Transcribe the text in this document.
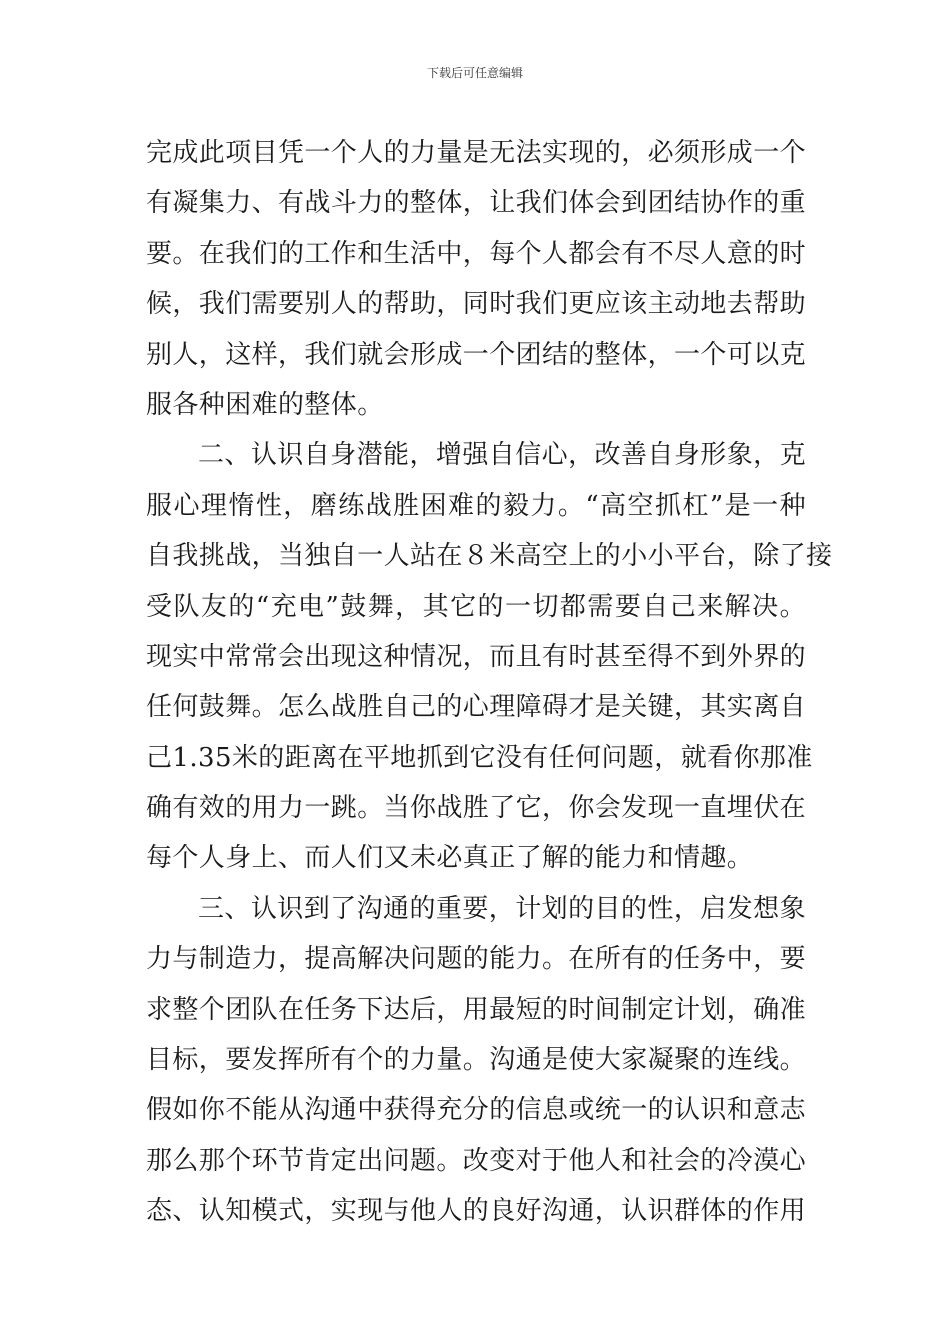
下载后可任意编辑
完成此项目凭一个人的力量是无法实现的，必须形成一个
有凝集力、有战斗力的整体，让我们体会到团结协作的重
要。在我们的工作和生活中，每个人都会有不尽人意的时
候，我们需要别人的帮助，同时我们更应该主动地去帮助
别人，这样，我们就会形成一个团结的整体，一个可以克
服各种困难的整体。
二、认识自身潜能，增强自信心，改善自身形象，克
服心理惰性，磨练战胜困难的毅力。“高空抓杠”是一种
自我挑战，当独自一人站在８米高空上的小小平台，除了接
受队友的“充电”鼓舞，其它的一切都需要自己来解决。
现实中常常会出现这种情况，而且有时甚至得不到外界的
任何鼓舞。怎么战胜自己的心理障碍才是关键，其实离自
己1.35米的距离在平地抓到它没有任何问题，就看你那准
确有效的用力一跳。当你战胜了它，你会发现一直埋伏在
每个人身上、而人们又未必真正了解的能力和情趣。
三、认识到了沟通的重要，计划的目的性，启发想象
力与制造力，提高解决问题的能力。在所有的任务中，要
求整个团队在任务下达后，用最短的时间制定计划，确准
目标，要发挥所有个的力量。沟通是使大家凝聚的连线。
假如你不能从沟通中获得充分的信息或统一的认识和意志
那么那个环节肯定出问题。改变对于他人和社会的冷漠心
态、认知模式，实现与他人的良好沟通，认识群体的作用
